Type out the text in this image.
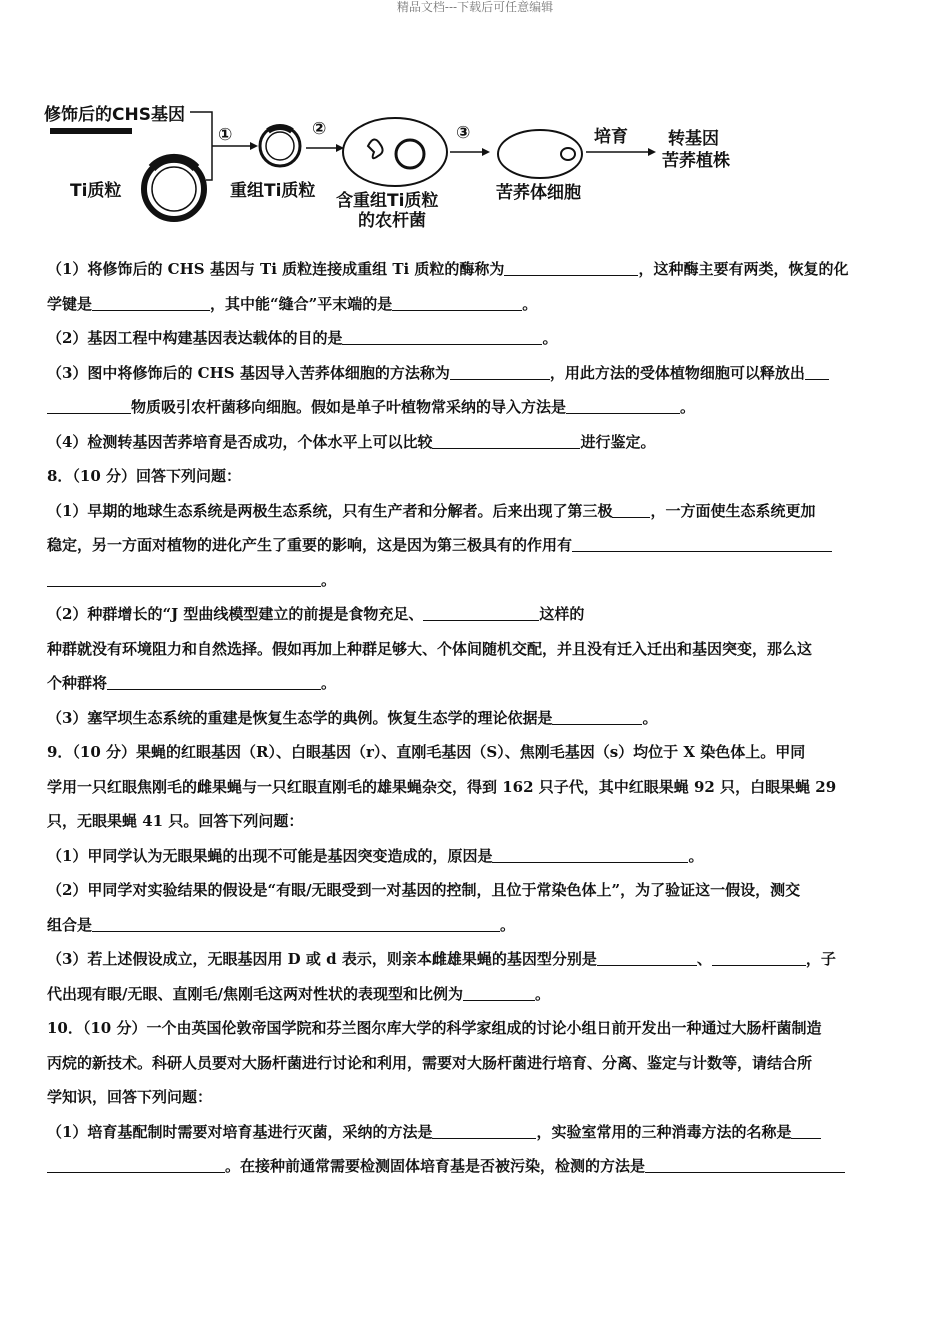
精品文档---下载后可任意编辑
修饰后的CHS基因
Ti质粒
①
重组Ti质粒
②
含重组Ti质粒
的农杆菌
③
苦荞体细胞
培育 转基因
苦荞植株

（1）将修饰后的 CHS 基因与 Ti 质粒连接成重组 Ti 质粒的酶称为	，这种酶主要有两类，恢复的化

学键是	，其中能“缝合”平末端的是	。

（2）基因工程中构建基因表达载体的目的是	。

（3）图中将修饰后的 CHS 基因导入苦荞体细胞的方法称为	，用此方法的受体植物细胞可以释放出

物质吸引农杆菌移向细胞。假如是单子叶植物常采纳的导入方法是	。

（4）检测转基因苦荞培育是否成功，个体水平上可以比较	进行鉴定。

8．（10 分）回答下列问题：

（1）早期的地球生态系统是两极生态系统，只有生产者和分解者。后来出现了第三极	，一方面使生态系统更加

稳定，另一方面对植物的进化产生了重要的影响，这是因为第三极具有的作用有

。

（2）种群增长的“J 型曲线模型建立的前提是食物充足、	这样的

种群就没有环境阻力和自然选择。假如再加上种群足够大、个体间随机交配，并且没有迁入迁出和基因突变，那么这

个种群将	。

（3）塞罕坝生态系统的重建是恢复生态学的典例。恢复生态学的理论依据是	。

9．（10 分）果蝇的红眼基因（R）、白眼基因（r）、直刚毛基因（S）、焦刚毛基因（s）均位于 X 染色体上。甲同

学用一只红眼焦刚毛的雌果蝇与一只红眼直刚毛的雄果蝇杂交，得到 162 只子代，其中红眼果蝇 92 只，白眼果蝇 29

只，无眼果蝇 41 只。回答下列问题：

（1）甲同学认为无眼果蝇的出现不可能是基因突变造成的，原因是	。

（2）甲同学对实验结果的假设是“有眼/无眼受到一对基因的控制，且位于常染色体上”，为了验证这一假设，测交

组合是	。

（3）若上述假设成立，无眼基因用 D 或 d 表示，则亲本雌雄果蝇的基因型分别是	、	，子

代出现有眼/无眼、直刚毛/焦刚毛这两对性状的表现型和比例为	。

10．（10 分）一个由英国伦敦帝国学院和芬兰图尔库大学的科学家组成的讨论小组日前开发出一种通过大肠杆菌制造

丙烷的新技术。科研人员要对大肠杆菌进行讨论和利用，需要对大肠杆菌进行培育、分离、鉴定与计数等，请结合所

学知识，回答下列问题：

（1）培育基配制时需要对培育基进行灭菌，采纳的方法是	，实验室常用的三种消毒方法的名称是

。在接种前通常需要检测固体培育基是否被污染，检测的方法是
